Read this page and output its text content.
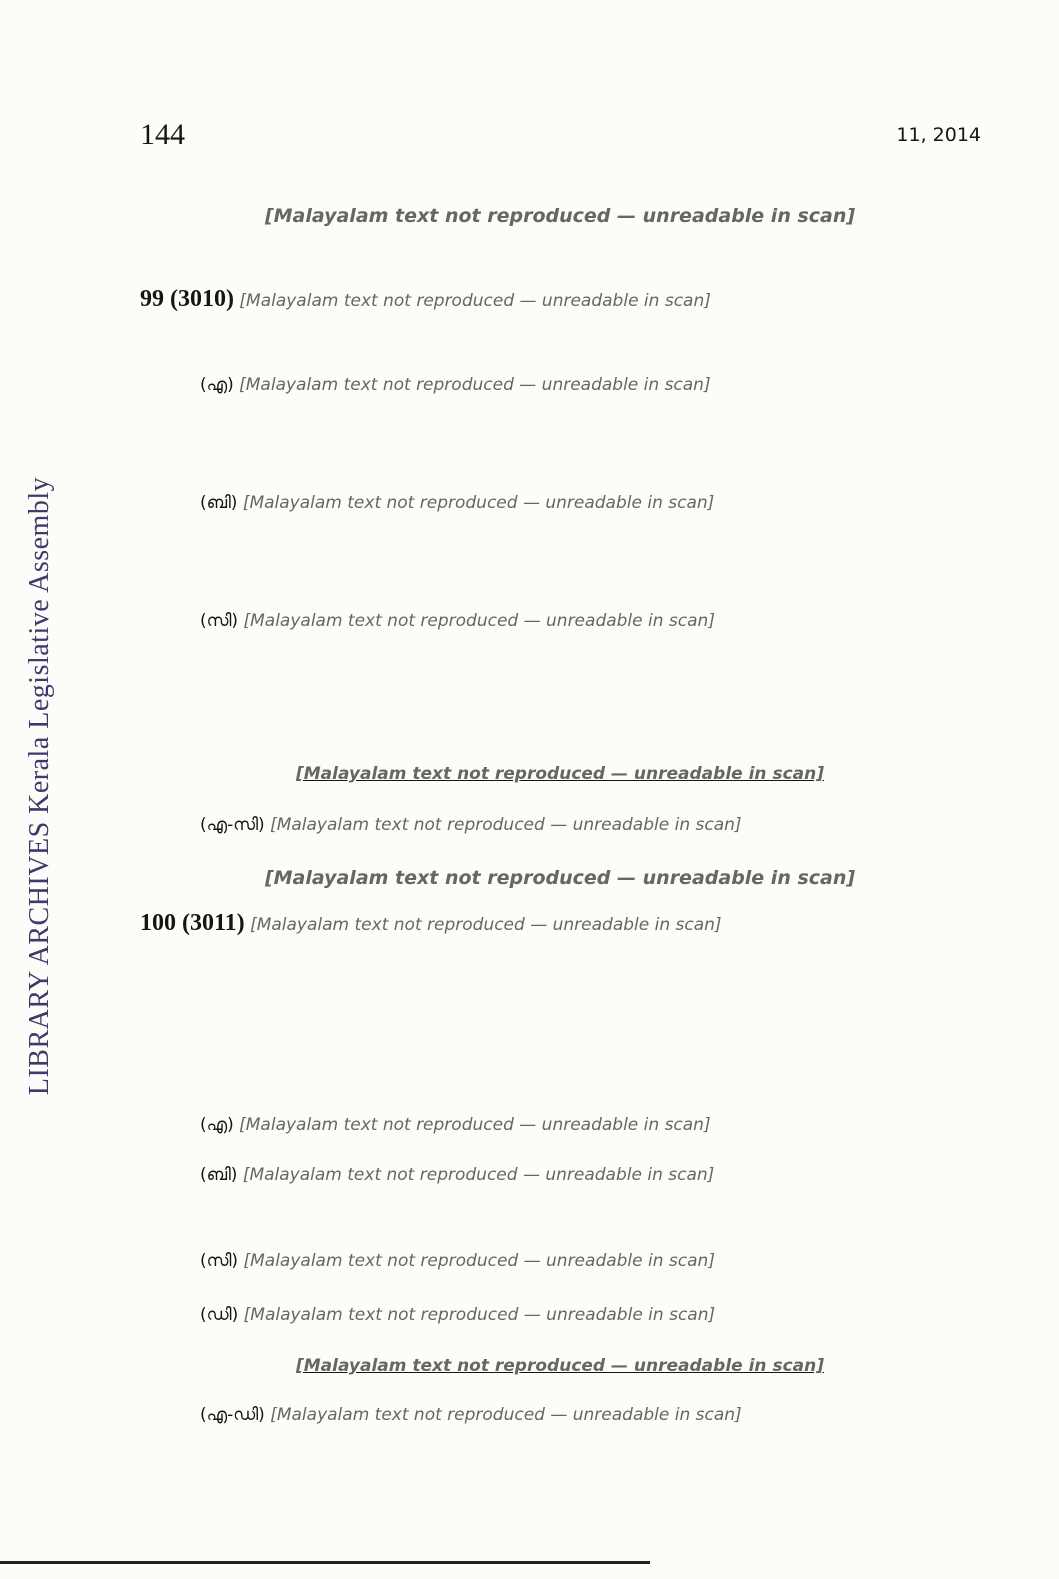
LIBRARY ARCHIVES Kerala Legislative Assembly
144	11, 2014
[Malayalam text not reproduced — unreadable in scan]
99 (3010) [Malayalam text not reproduced — unreadable in scan]
(എ) [Malayalam text not reproduced — unreadable in scan]
(ബി) [Malayalam text not reproduced — unreadable in scan]
(സി) [Malayalam text not reproduced — unreadable in scan]
[Malayalam text not reproduced — unreadable in scan]
(എ-സി) [Malayalam text not reproduced — unreadable in scan]
[Malayalam text not reproduced — unreadable in scan]
100 (3011) [Malayalam text not reproduced — unreadable in scan]
(എ) [Malayalam text not reproduced — unreadable in scan]
(ബി) [Malayalam text not reproduced — unreadable in scan]
(സി) [Malayalam text not reproduced — unreadable in scan]
(ഡി) [Malayalam text not reproduced — unreadable in scan]
[Malayalam text not reproduced — unreadable in scan]
(എ-ഡി) [Malayalam text not reproduced — unreadable in scan]
